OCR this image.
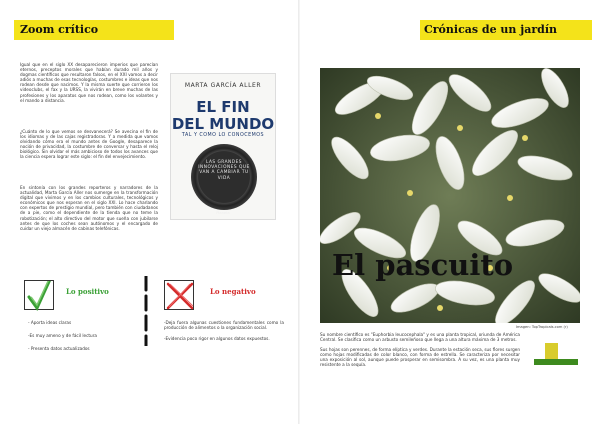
Zoom crítico

Igual que en el siglo XX desaparecieron imperios que parecían eternos, preceptos morales que habían durado mil años y dogmas científicos que resultaron falsos, en el XXI vamos a decir adiós a muchas de esas tecnologías, costumbres e ideas que nos rodean desde que nacimos. Y la misma suerte que corrieron los videoclubs, el fax y la URSS, la vivirán en breve muchas de las profesiones y los aparatos que nos rodean, como los volantes y el mando a distancia.

¿Cuánto de lo que vemos se desvanecerá? Se avecina el fin de los idiomas y de las cajas registradoras. Y a medida que vamos olvidando cómo era el mundo antes de Google, desaparece la noción de privacidad, la costumbre de conversar y hasta el reloj biológico. Sin olvidar el más ambicioso de todos los avances que la ciencia espera lograr este siglo: el fin del envejecimiento.

En sintonía con los grandes reporteros y narradores de la actualidad, Marta García Aller nos sumerge en la transformación digital que vivimos y en los cambios culturales, tecnológicos y económicos que nos esperan en el siglo XXI. Lo hace charlando con expertos de prestigio mundial, pero también con ciudadanos de a pie, como el dependiente de la tienda que no teme la robotización; el alto directivo del motor que sueña con jubilarse antes de que los coches sean autónomos y el encargado de cuidar un viejo almacén de cabinas telefónicas.

MARTA GARCÍA ALLER
EL FIN
DEL MUNDO
TAL Y COMO LO CONOCEMOS
LAS GRANDES INNOVACIONES QUE VAN A CAMBIAR TU VIDA
Planeta
Lo positivo	Lo negativo
- Aporta ideas claras
-Es muy ameno y de fácil lectura
- Presenta datos actualizados
-Deja fuera algunas cuestiones fundamentales como la producción de alimentos o la organización social.
-Evidencia poco rigor en algunos datos expuestos.
Crónicas de un jardín
El pascuito
Imagen: TopTropicals.com (r)

Su nombre científico es "Euphorbia leucocephala" y es una planta tropical, oriunda de América Central. Se clasifica como un arbusto semileñoso que llega a una altura máxima de 3 metros.

Sus hojas son perennes, de forma elíptica y verdes. Durante la estación seca, sus flores surgen como hojas modificadas de color blanco, con forma de estrella. Se caracteriza por necesitar una exposición al sol, aunque puede prosperar en semisombra. A su vez, es una planta muy resistente a la sequía.
